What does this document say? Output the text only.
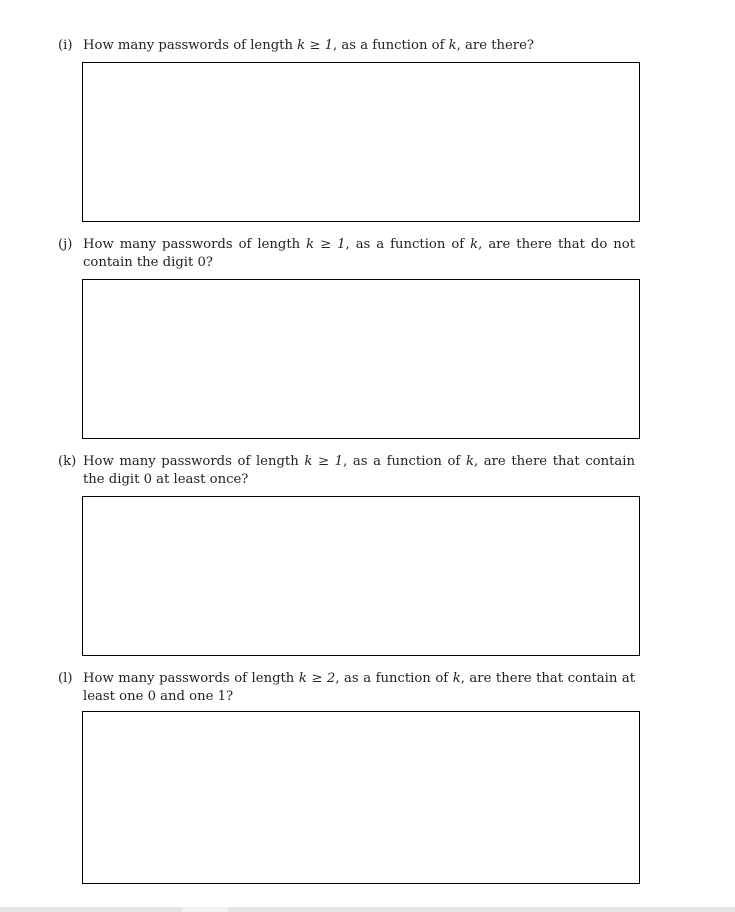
(i) How many passwords of length k ≥ 1, as a function of k, are there?
(j) How many passwords of length k ≥ 1, as a function of k, are there that do not contain the digit 0?
(k) How many passwords of length k ≥ 1, as a function of k, are there that contain the digit 0 at least once?
(l) How many passwords of length k ≥ 2, as a function of k, are there that contain at least one 0 and one 1?
